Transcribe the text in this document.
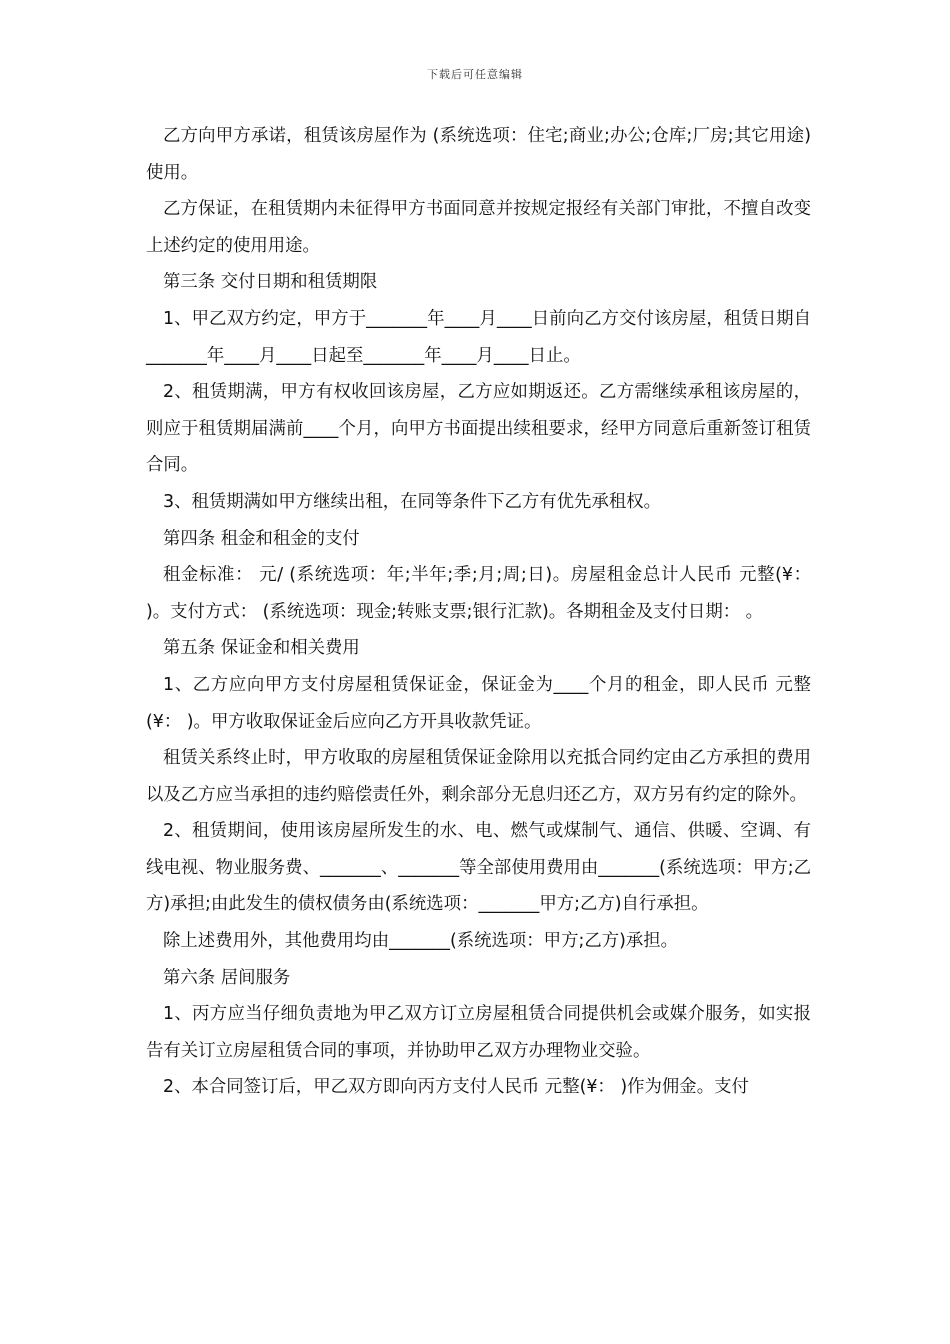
下载后可任意编辑

乙方向甲方承诺，租赁该房屋作为 (系统选项：住宅;商业;办公;仓库;厂房;其它用途)使用。

乙方保证，在租赁期内未征得甲方书面同意并按规定报经有关部门审批，不擅自改变上述约定的使用用途。

第三条 交付日期和租赁期限

1、甲乙双方约定，甲方于_______年____月____日前向乙方交付该房屋，租赁日期自_______年____月____日起至_______年____月____日止。

2、租赁期满，甲方有权收回该房屋，乙方应如期返还。乙方需继续承租该房屋的，则应于租赁期届满前____个月，向甲方书面提出续租要求，经甲方同意后重新签订租赁合同。

3、租赁期满如甲方继续出租，在同等条件下乙方有优先承租权。

第四条 租金和租金的支付

租金标准： 元/ (系统选项：年;半年;季;月;周;日)。房屋租金总计人民币 元整(¥： )。支付方式： (系统选项：现金;转账支票;银行汇款)。各期租金及支付日期： 。

第五条 保证金和相关费用

1、乙方应向甲方支付房屋租赁保证金，保证金为____个月的租金，即人民币 元整(¥： )。甲方收取保证金后应向乙方开具收款凭证。

租赁关系终止时，甲方收取的房屋租赁保证金除用以充抵合同约定由乙方承担的费用以及乙方应当承担的违约赔偿责任外，剩余部分无息归还乙方，双方另有约定的除外。

2、租赁期间，使用该房屋所发生的水、电、燃气或煤制气、通信、供暖、空调、有线电视、物业服务费、_______、_______等全部使用费用由_______(系统选项：甲方;乙方)承担;由此发生的债权债务由(系统选项：_______甲方;乙方)自行承担。

除上述费用外，其他费用均由_______(系统选项：甲方;乙方)承担。

第六条 居间服务

1、丙方应当仔细负责地为甲乙双方订立房屋租赁合同提供机会或媒介服务，如实报告有关订立房屋租赁合同的事项，并协助甲乙双方办理物业交验。

2、本合同签订后，甲乙双方即向丙方支付人民币 元整(¥： )作为佣金。支付
